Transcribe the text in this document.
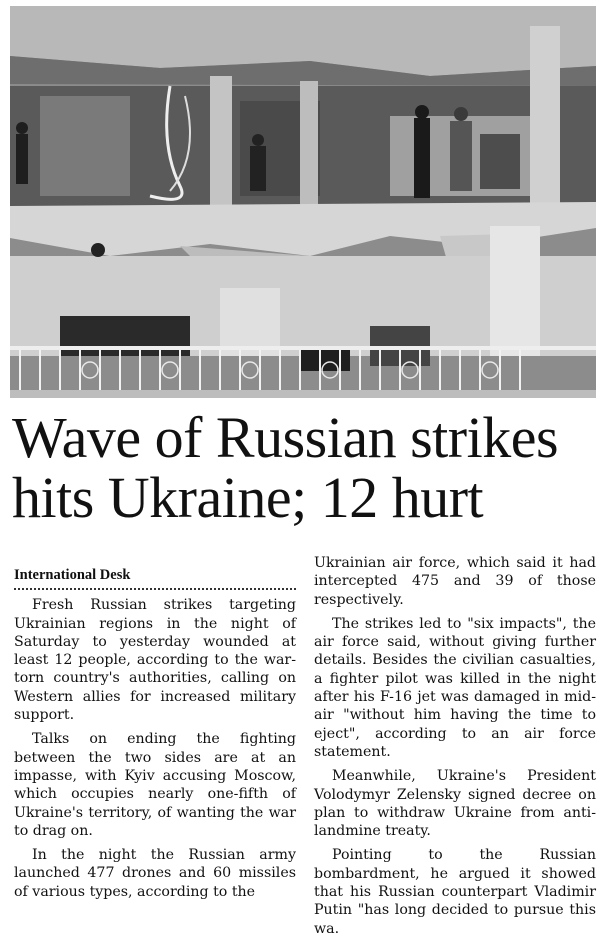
Wave of Russian strikes
hits Ukraine; 12 hurt
International Desk

Fresh Russian strikes targeting Ukrainian regions in the night of Saturday to yesterday wounded at least 12 people, according to the war-torn country's authorities, calling on Western allies for increased military support.

Talks on ending the fighting between the two sides are at an impasse, with Kyiv accusing Moscow, which occupies nearly one-fifth of Ukraine's territory, of wanting the war to drag on.

In the night the Russian army launched 477 drones and 60 missiles of various types, according to the

Ukrainian air force, which said it had intercepted 475 and 39 of those respectively.

The strikes led to "six impacts", the air force said, without giving further details. Besides the civilian casualties, a fighter pilot was killed in the night after his F-16 jet was damaged in mid-air "without him having the time to eject", according to an air force statement.

Meanwhile, Ukraine's President Volodymyr Zelensky signed decree on plan to withdraw Ukraine from anti-landmine treaty.

Pointing to the Russian bombardment, he argued it showed that his Russian counterpart Vladimir Putin "has long decided to pursue this wa.
